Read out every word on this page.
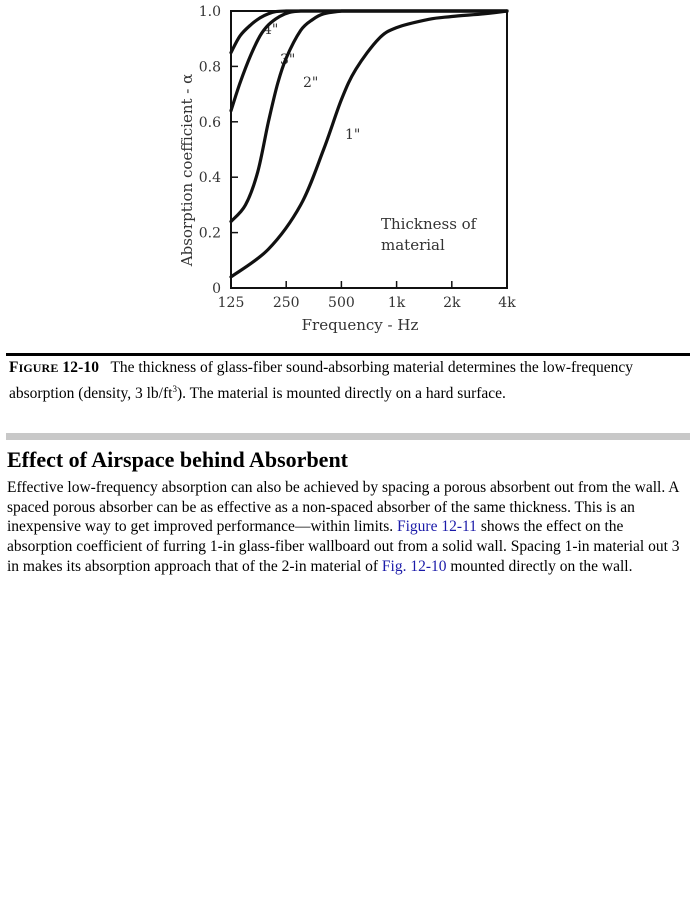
0
0.2
0.4
0.6
0.8
1.0
125 250 500 1k	2k	4k
4"
3"
2"
1"
Frequency - Hz
Absorption coefficient - α	Thickness of
material
FIGURE 12-10 The thickness of glass-fiber sound-absorbing material determines the low-frequency absorption (density, 3 $lb/ft^3$). The material is mounted directly on a hard surface.
Effect of Airspace behind Absorbent

Effective low-frequency absorption can also be achieved by spacing a porous absorbent out from the wall. A spaced porous absorber can be as effective as a non-spaced absorber of the same thickness. This is an inexpensive way to get improved performance—within limits. Figure 12-11 shows the effect on the absorption coefficient of furring 1-in glass-fiber wallboard out from a solid wall. Spacing 1-in material out 3 in makes its absorption approach that of the 2-in material of Fig. 12-10 mounted directly on the wall.
